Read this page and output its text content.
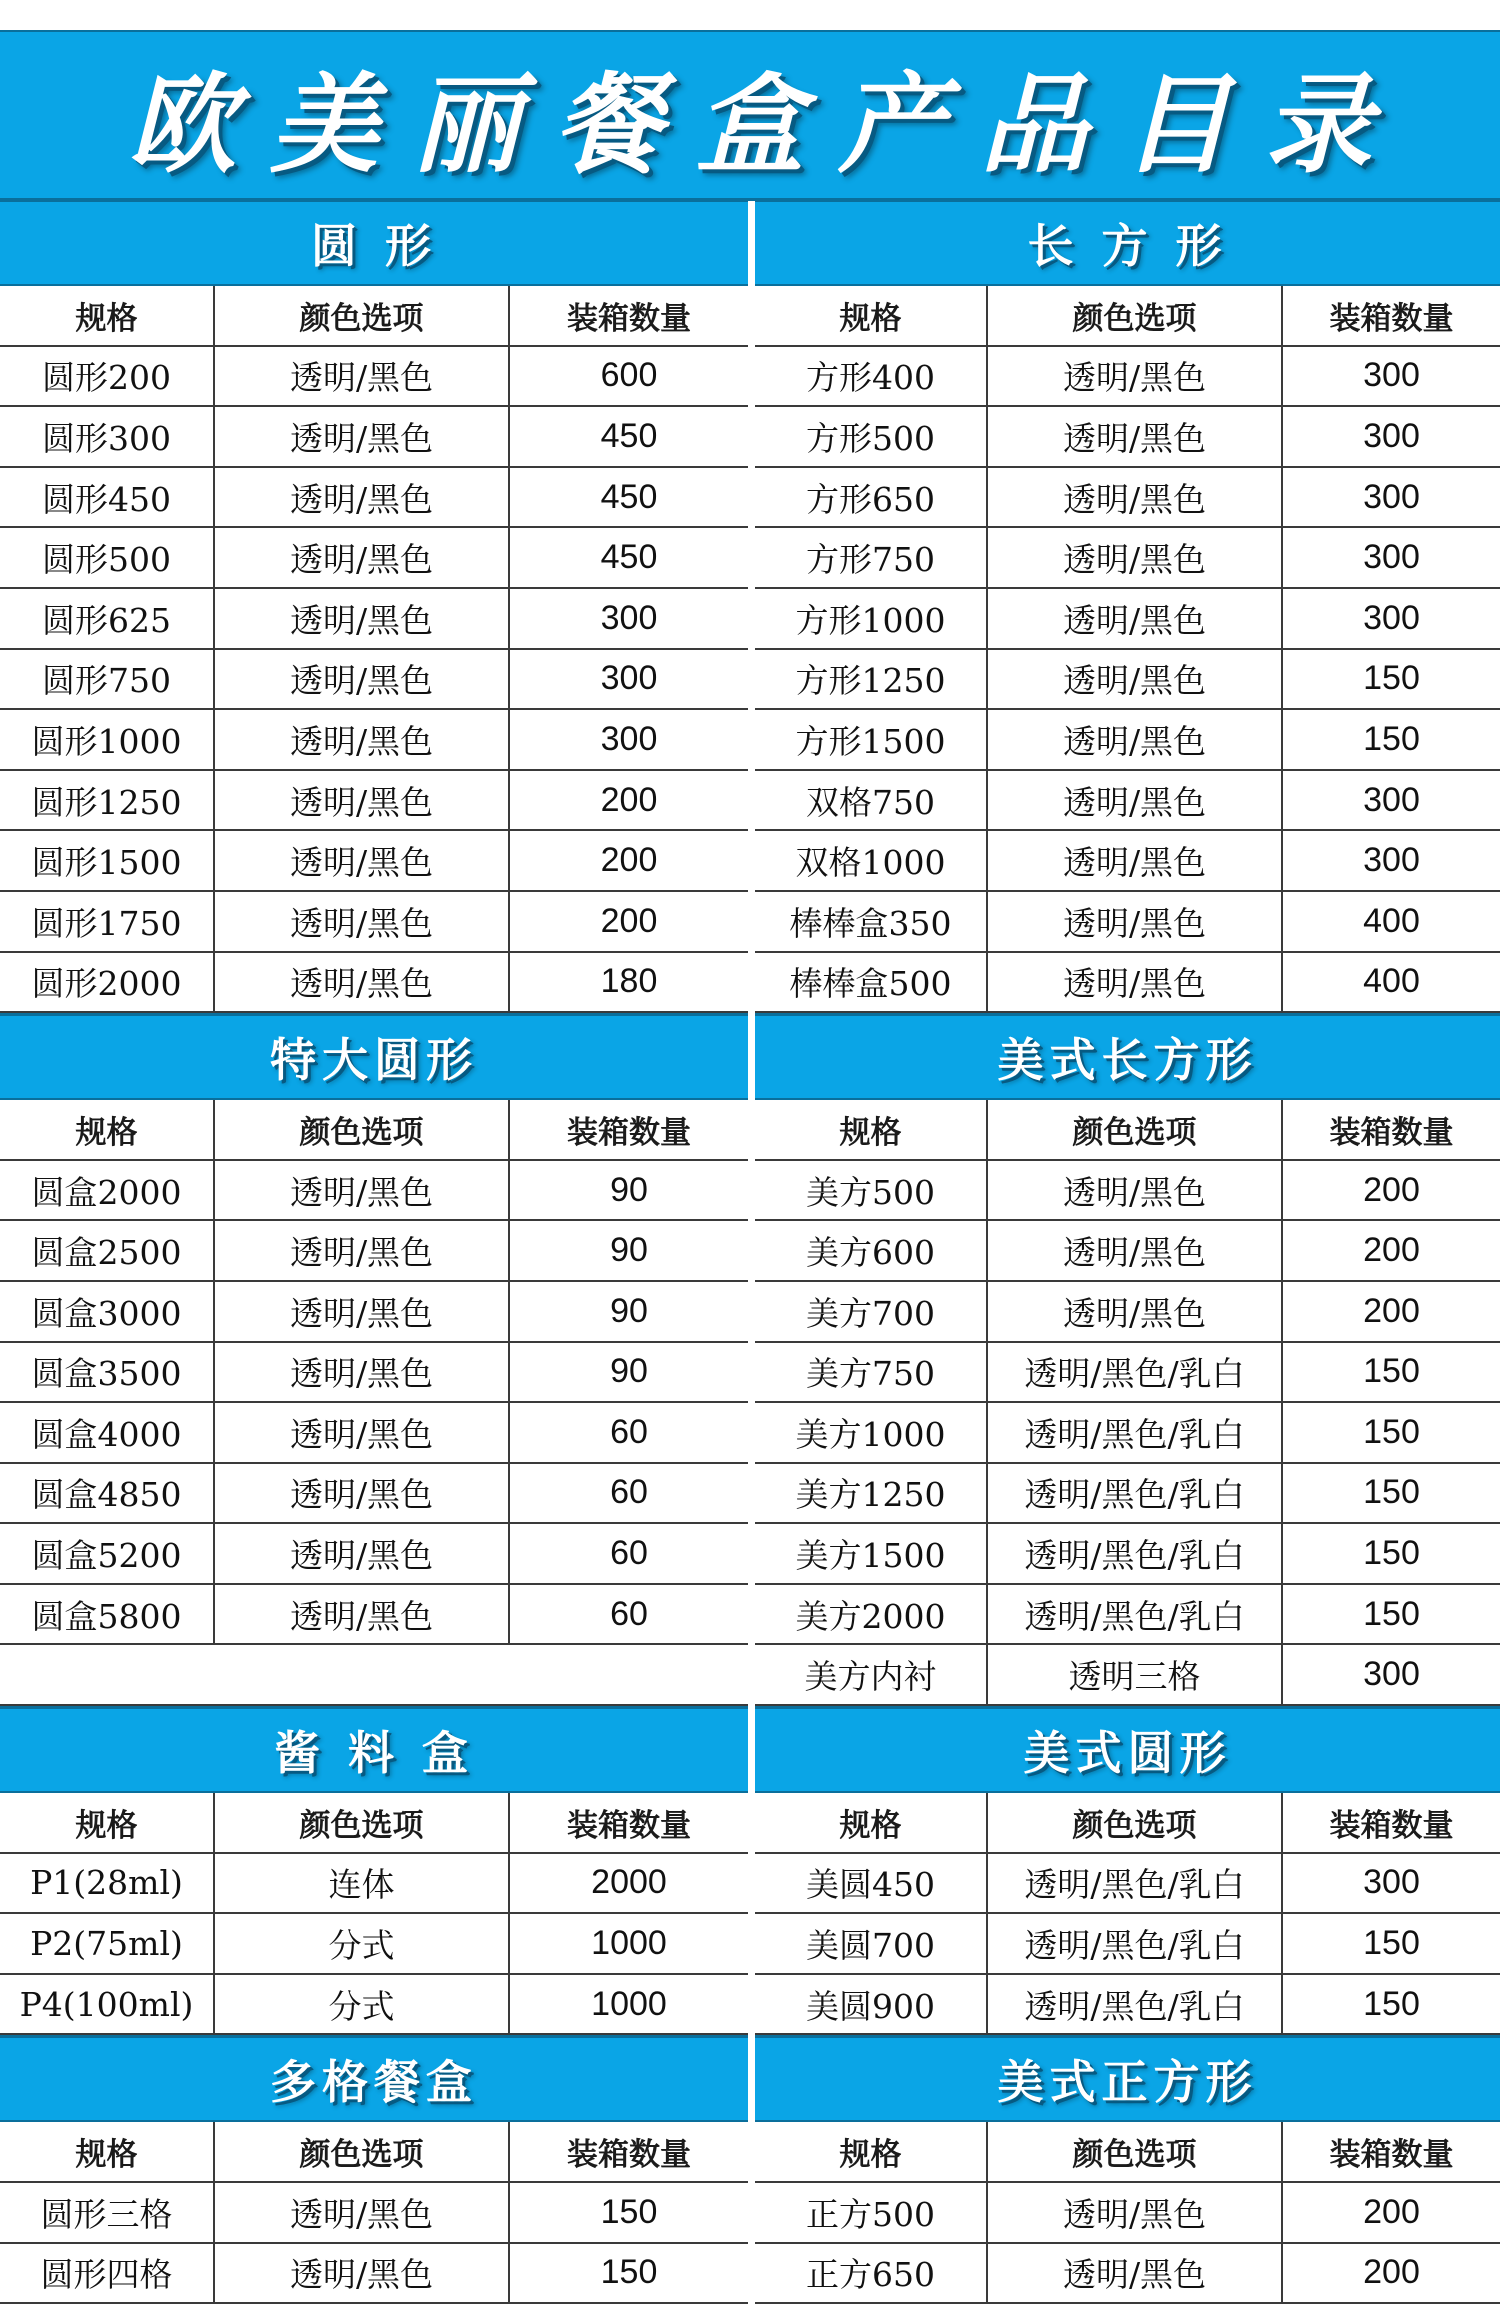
欧美丽餐盒产品目录
圆 形
规格	颜色选项	装箱数量
圆形200	透明/黑色	600
圆形300	透明/黑色	450
圆形450	透明/黑色	450
圆形500	透明/黑色	450
圆形625	透明/黑色	300
圆形750	透明/黑色	300
圆形1000	透明/黑色	300
圆形1250	透明/黑色	200
圆形1500	透明/黑色	200
圆形1750	透明/黑色	200
圆形2000	透明/黑色	180
特大圆形
规格	颜色选项	装箱数量
圆盒2000	透明/黑色	90
圆盒2500	透明/黑色	90
圆盒3000	透明/黑色	90
圆盒3500	透明/黑色	90
圆盒4000	透明/黑色	60
圆盒4850	透明/黑色	60
圆盒5200	透明/黑色	60
圆盒5800	透明/黑色	60
酱 料 盒
规格	颜色选项	装箱数量
P1(28ml)	连体	2000
P2(75ml)	分式	1000
P4(100ml)	分式	1000
多格餐盒
规格	颜色选项	装箱数量
圆形三格	透明/黑色	150
圆形四格	透明/黑色	150
长 方 形
规格	颜色选项	装箱数量
方形400	透明/黑色	300
方形500	透明/黑色	300
方形650	透明/黑色	300
方形750	透明/黑色	300
方形1000	透明/黑色	300
方形1250	透明/黑色	150
方形1500	透明/黑色	150
双格750	透明/黑色	300
双格1000	透明/黑色	300
棒棒盒350	透明/黑色	400
棒棒盒500	透明/黑色	400
美式长方形
规格	颜色选项	装箱数量
美方500	透明/黑色	200
美方600	透明/黑色	200
美方700	透明/黑色	200
美方750	透明/黑色/乳白	150
美方1000	透明/黑色/乳白	150
美方1250	透明/黑色/乳白	150
美方1500	透明/黑色/乳白	150
美方2000	透明/黑色/乳白	150
美方内衬	透明三格	300
美式圆形
规格	颜色选项	装箱数量
美圆450	透明/黑色/乳白	300
美圆700	透明/黑色/乳白	150
美圆900	透明/黑色/乳白	150
美式正方形
规格	颜色选项	装箱数量
正方500	透明/黑色	200
正方650	透明/黑色	200
